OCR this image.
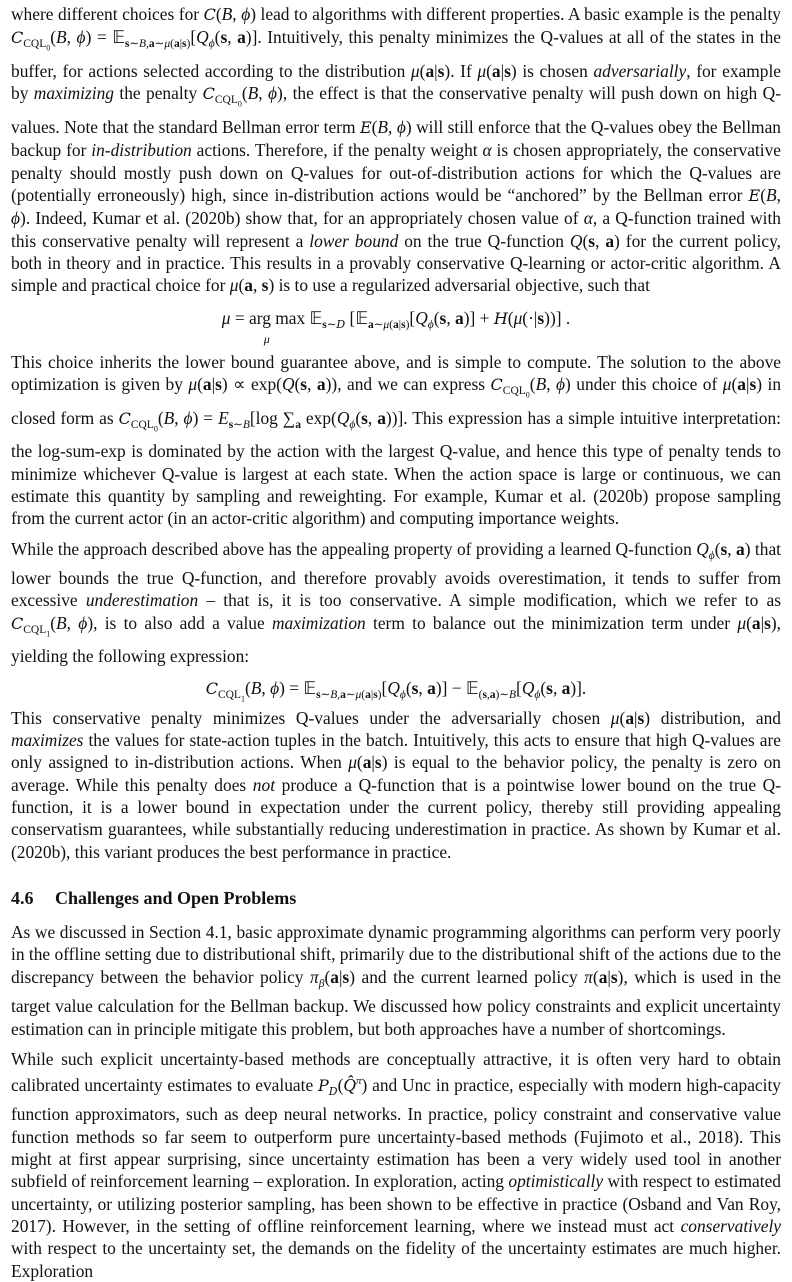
where different choices for C(B, ϕ) lead to algorithms with different properties. A basic example is the penalty $C_{CQL_0}(B$, $\phi) = 𝔼_{s\sim B,a\sim\mu(a|s)}[Q_\phi(s$, a)]. Intuitively, this penalty minimizes the Q-values at all of the states in the buffer, for actions selected according to the distribution μ(a|s). If μ(a|s) is chosen adversarially, for example by maximizing the penalty $C_{CQL_0}(B$, ϕ), the effect is that the conservative penalty will push down on high Q-values. Note that the standard Bellman error term E(B, ϕ) will still enforce that the Q-values obey the Bellman backup for in-distribution actions. Therefore, if the penalty weight α is chosen appropriately, the conservative penalty should mostly push down on Q-values for out-of-distribution actions for which the Q-values are (potentially erroneously) high, since in-distribution actions would be “anchored” by the Bellman error E(B, ϕ). Indeed, Kumar et al. (2020b) show that, for an appropriately chosen value of α, a Q-function trained with this conservative penalty will represent a lower bound on the true Q-function Q(s, a) for the current policy, both in theory and in practice. This results in a provably conservative Q-learning or actor-critic algorithm. A simple and practical choice for μ(a, s) is to use a regularized adversarial objective, such that

μ = arg max
μ
𝔼$_{s\sim D}$ [$𝔼_{a\sim\mu(a|s)}[Q_\phi(s$, a)] + H(μ(·|s))] .

This choice inherits the lower bound guarantee above, and is simple to compute. The solution to the above optimization is given by μ(a|s) ∝ exp(Q(s, a)), and we can express $C_{CQL_0}(B$, ϕ) under this choice of μ(a|s) in closed form as $C_{CQL_0}(B$, $\phi) = E_{s\sim B}[\log$ $\sum_a$ $\exp(Q_\phi(s$, a))]. This expression has a simple intuitive interpretation: the log-sum-exp is dominated by the action with the largest Q-value, and hence this type of penalty tends to minimize whichever Q-value is largest at each state. When the action space is large or continuous, we can estimate this quantity by sampling and reweighting. For example, Kumar et al. (2020b) propose sampling from the current actor (in an actor-critic algorithm) and computing importance weights.

While the approach described above has the appealing property of providing a learned Q-function $Q_\phi(s$, a) that lower bounds the true Q-function, and therefore provably avoids overestimation, it tends to suffer from excessive underestimation – that is, it is too conservative. A simple modification, which we refer to as $C_{CQL_1}(B$, ϕ), is to also add a value maximization term to balance out the minimization term under μ(a|s), yielding the following expression:

$C_{CQL_1}(B$, $\phi) = 𝔼_{s\sim B,a\sim\mu(a|s)}[Q_\phi(s$, $a)] - 𝔼_{(s,a)\sim B}[Q_\phi(s$, a)].

This conservative penalty minimizes Q-values under the adversarially chosen μ(a|s) distribution, and maximizes the values for state-action tuples in the batch. Intuitively, this acts to ensure that high Q-values are only assigned to in-distribution actions. When μ(a|s) is equal to the behavior policy, the penalty is zero on average. While this penalty does not produce a Q-function that is a pointwise lower bound on the true Q-function, it is a lower bound in expectation under the current policy, thereby still providing appealing conservatism guarantees, while substantially reducing underestimation in practice. As shown by Kumar et al. (2020b), this variant produces the best performance in practice.

4.6 Challenges and Open Problems

As we discussed in Section 4.1, basic approximate dynamic programming algorithms can perform very poorly in the offline setting due to distributional shift, primarily due to the distributional shift of the actions due to the discrepancy between the behavior policy $\pi_\beta(a|s)$ and the current learned policy π(a|s), which is used in the target value calculation for the Bellman backup. We discussed how policy constraints and explicit uncertainty estimation can in principle mitigate this problem, but both approaches have a number of shortcomings.

While such explicit uncertainty-based methods are conceptually attractive, it is often very hard to obtain calibrated uncertainty estimates to evaluate $P_D(Q̂^\pi)$ and Unc in practice, especially with modern high-capacity function approximators, such as deep neural networks. In practice, policy constraint and conservative value function methods so far seem to outperform pure uncertainty-based methods (Fujimoto et al., 2018). This might at first appear surprising, since uncertainty estimation has been a very widely used tool in another subfield of reinforcement learning – exploration. In exploration, acting optimistically with respect to estimated uncertainty, or utilizing posterior sampling, has been shown to be effective in practice (Osband and Van Roy, 2017). However, in the setting of offline reinforcement learning, where we instead must act conservatively with respect to the uncertainty set, the demands on the fidelity of the uncertainty estimates are much higher. Exploration
